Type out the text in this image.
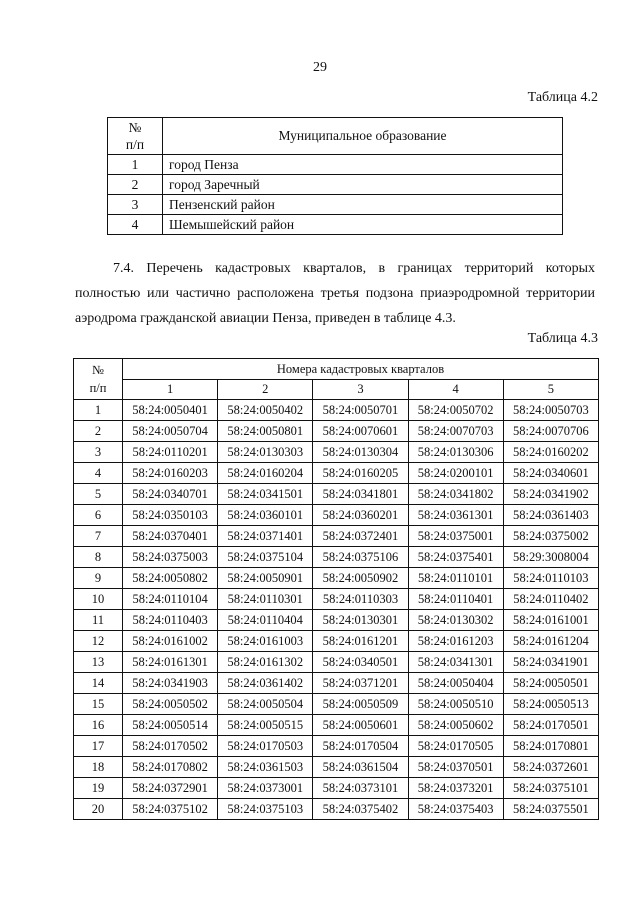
29
Таблица 4.2
№
п/п	Муниципальное образование
1	город Пенза
2	город Заречный
3	Пензенский район
4	Шемышейский район

7.4. Перечень кадастровых кварталов, в границах территорий которых полностью или частично расположена третья подзона приаэродромной территории аэродрома гражданской авиации Пенза, приведен в таблице 4.3.

Таблица 4.3
№
п/п	Номера кадастровых кварталов				
	1	2	3	4	5
1	58:24:0050401	58:24:0050402	58:24:0050701	58:24:0050702	58:24:0050703
2	58:24:0050704	58:24:0050801	58:24:0070601	58:24:0070703	58:24:0070706
3	58:24:0110201	58:24:0130303	58:24:0130304	58:24:0130306	58:24:0160202
4	58:24:0160203	58:24:0160204	58:24:0160205	58:24:0200101	58:24:0340601
5	58:24:0340701	58:24:0341501	58:24:0341801	58:24:0341802	58:24:0341902
6	58:24:0350103	58:24:0360101	58:24:0360201	58:24:0361301	58:24:0361403
7	58:24:0370401	58:24:0371401	58:24:0372401	58:24:0375001	58:24:0375002
8	58:24:0375003	58:24:0375104	58:24:0375106	58:24:0375401	58:29:3008004
9	58:24:0050802	58:24:0050901	58:24:0050902	58:24:0110101	58:24:0110103
10	58:24:0110104	58:24:0110301	58:24:0110303	58:24:0110401	58:24:0110402
11	58:24:0110403	58:24:0110404	58:24:0130301	58:24:0130302	58:24:0161001
12	58:24:0161002	58:24:0161003	58:24:0161201	58:24:0161203	58:24:0161204
13	58:24:0161301	58:24:0161302	58:24:0340501	58:24:0341301	58:24:0341901
14	58:24:0341903	58:24:0361402	58:24:0371201	58:24:0050404	58:24:0050501
15	58:24:0050502	58:24:0050504	58:24:0050509	58:24:0050510	58:24:0050513
16	58:24:0050514	58:24:0050515	58:24:0050601	58:24:0050602	58:24:0170501
17	58:24:0170502	58:24:0170503	58:24:0170504	58:24:0170505	58:24:0170801
18	58:24:0170802	58:24:0361503	58:24:0361504	58:24:0370501	58:24:0372601
19	58:24:0372901	58:24:0373001	58:24:0373101	58:24:0373201	58:24:0375101
20	58:24:0375102	58:24:0375103	58:24:0375402	58:24:0375403	58:24:0375501
